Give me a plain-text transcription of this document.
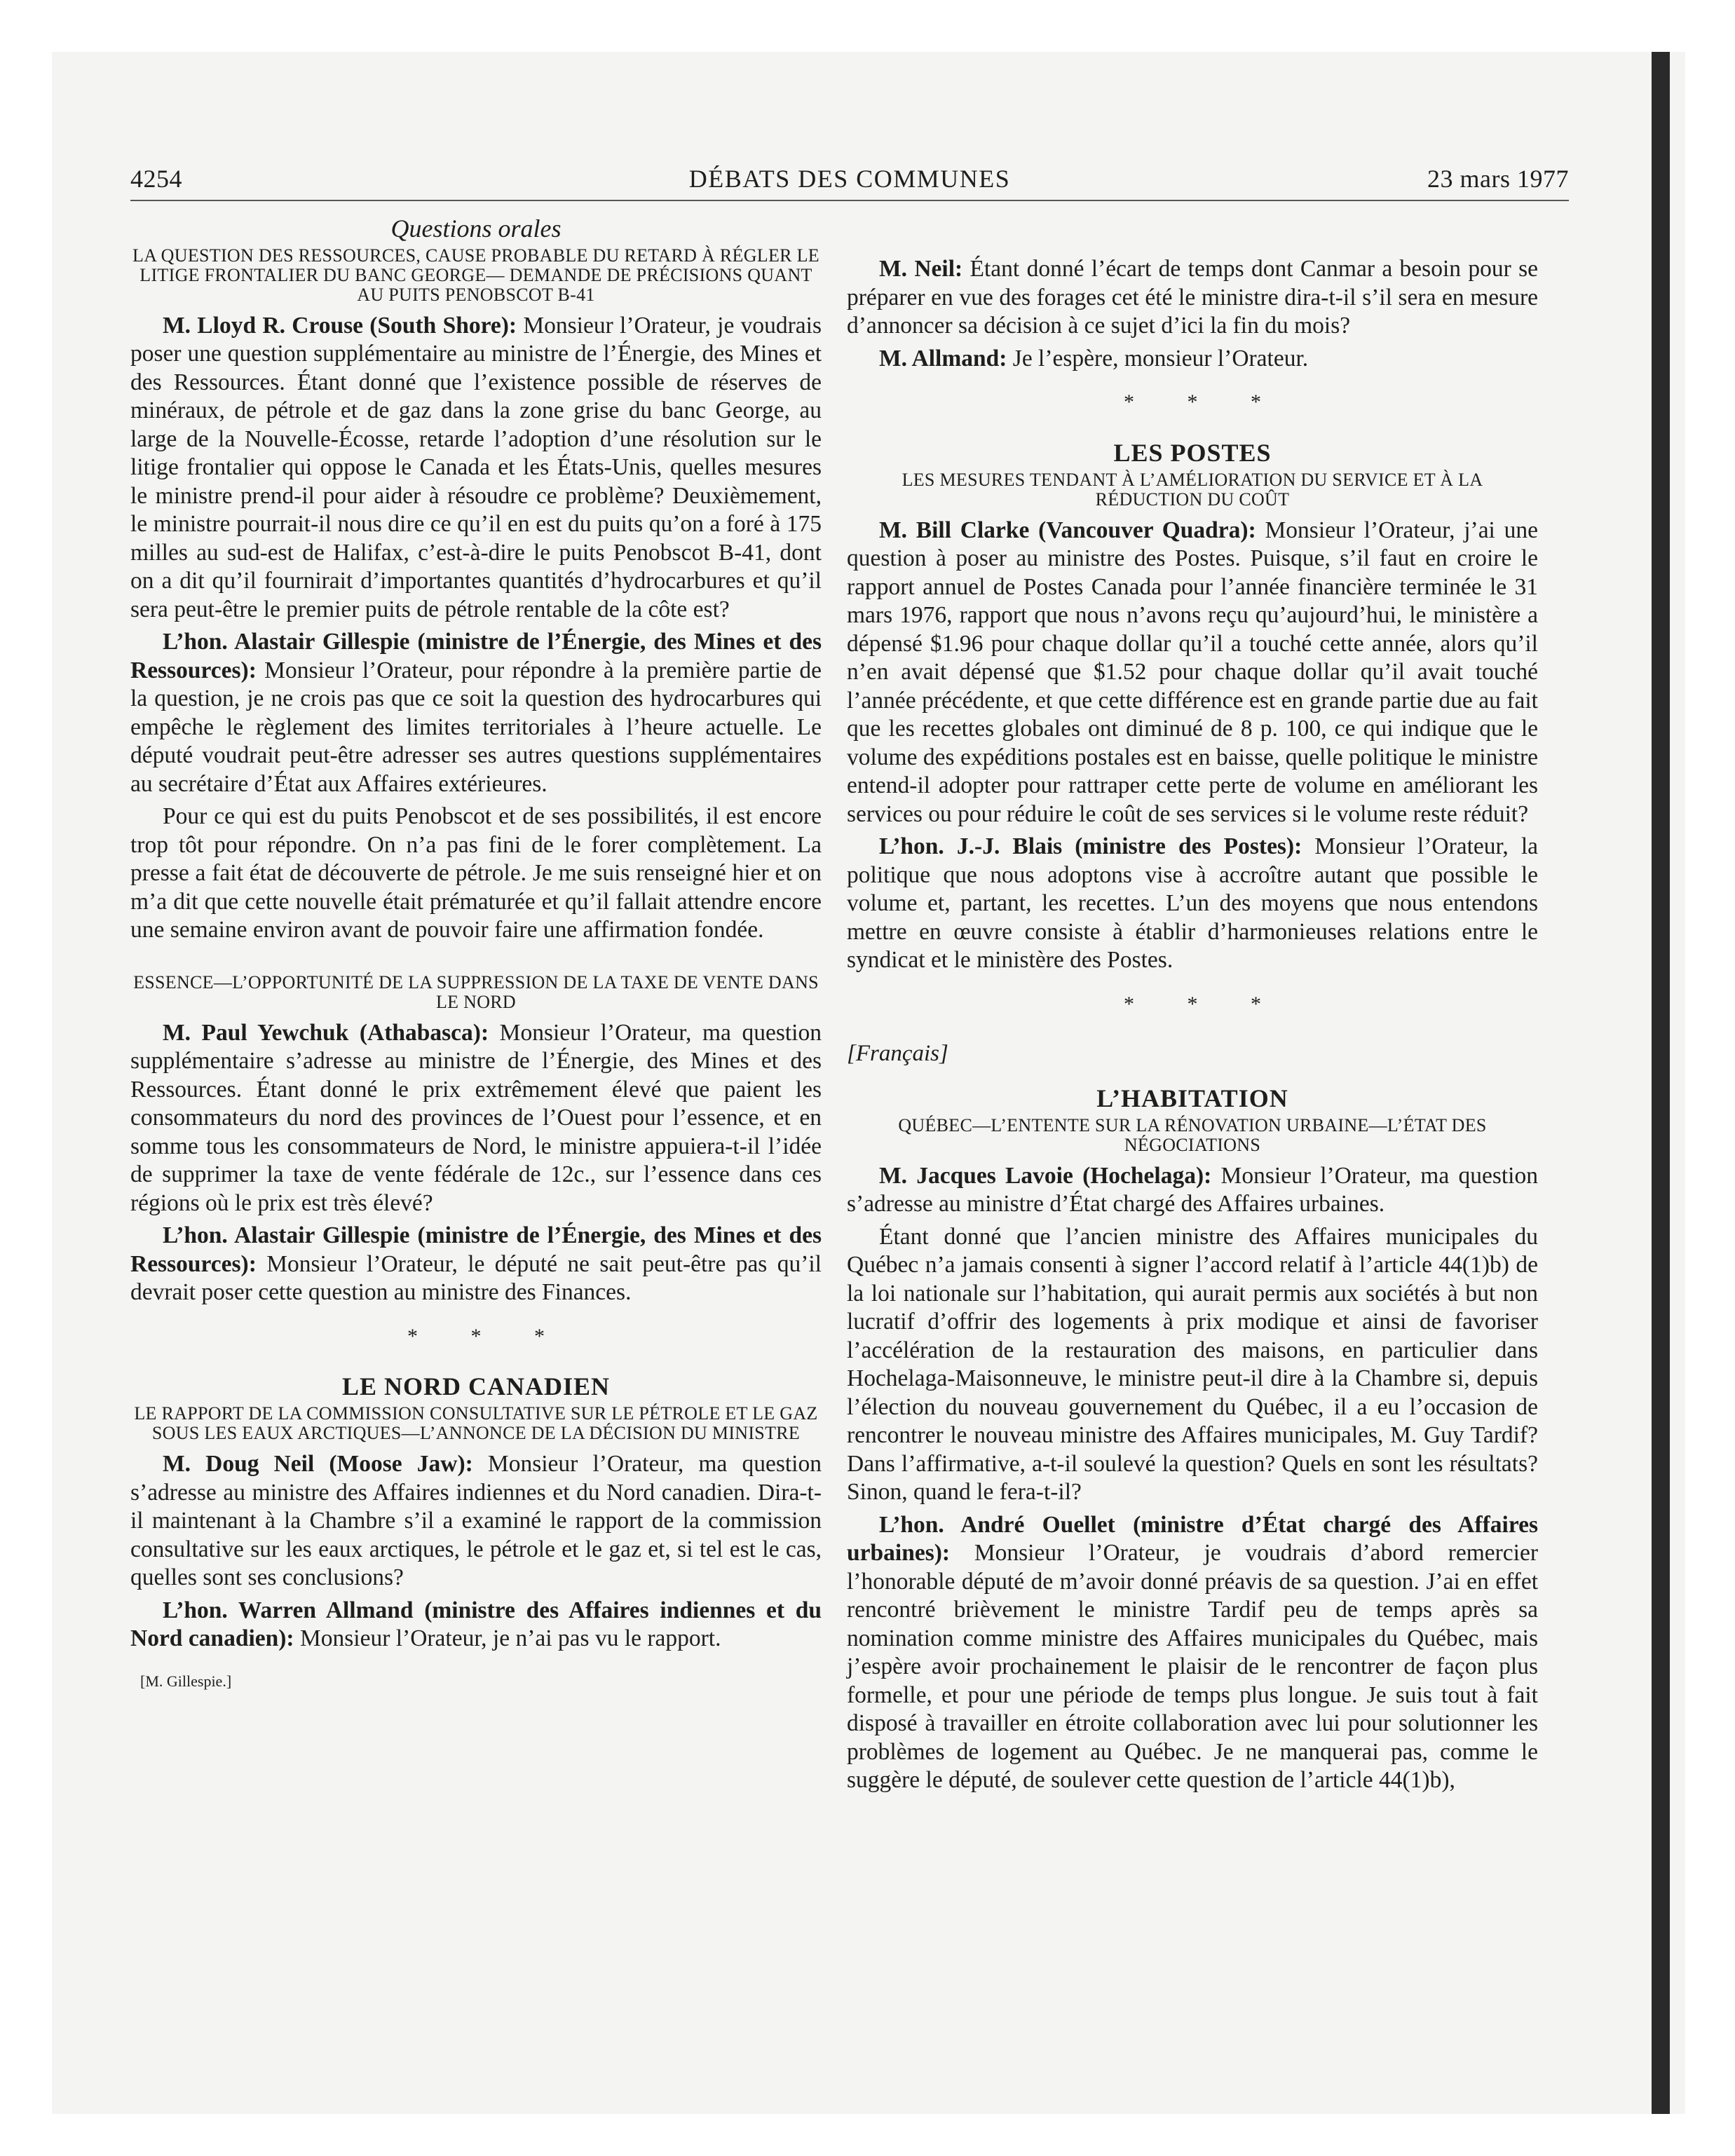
4254	DÉBATS DES COMMUNES	23 mars 1977

Questions orales

LA QUESTION DES RESSOURCES, CAUSE PROBABLE DU RETARD À RÉGLER LE LITIGE FRONTALIER DU BANC GEORGE— DEMANDE DE PRÉCISIONS QUANT AU PUITS PENOBSCOT B-41

M. Lloyd R. Crouse (South Shore): Monsieur l’Orateur, je voudrais poser une question supplémentaire au ministre de l’Énergie, des Mines et des Ressources. Étant donné que l’existence possible de réserves de minéraux, de pétrole et de gaz dans la zone grise du banc George, au large de la Nouvelle-Écosse, retarde l’adoption d’une résolution sur le litige frontalier qui oppose le Canada et les États-Unis, quelles mesures le ministre prend-il pour aider à résoudre ce problème? Deuxièmement, le ministre pourrait-il nous dire ce qu’il en est du puits qu’on a foré à 175 milles au sud-est de Halifax, c’est-à-dire le puits Penobscot B-41, dont on a dit qu’il fournirait d’importantes quantités d’hydrocarbures et qu’il sera peut-être le premier puits de pétrole rentable de la côte est?

L’hon. Alastair Gillespie (ministre de l’Énergie, des Mines et des Ressources): Monsieur l’Orateur, pour répondre à la première partie de la question, je ne crois pas que ce soit la question des hydrocarbures qui empêche le règlement des limites territoriales à l’heure actuelle. Le député voudrait peut-être adresser ses autres questions supplémentaires au secrétaire d’État aux Affaires extérieures.

Pour ce qui est du puits Penobscot et de ses possibilités, il est encore trop tôt pour répondre. On n’a pas fini de le forer complètement. La presse a fait état de découverte de pétrole. Je me suis renseigné hier et on m’a dit que cette nouvelle était prématurée et qu’il fallait attendre encore une semaine environ avant de pouvoir faire une affirmation fondée.

ESSENCE—L’OPPORTUNITÉ DE LA SUPPRESSION DE LA TAXE DE VENTE DANS LE NORD

M. Paul Yewchuk (Athabasca): Monsieur l’Orateur, ma question supplémentaire s’adresse au ministre de l’Énergie, des Mines et des Ressources. Étant donné le prix extrêmement élevé que paient les consommateurs du nord des provinces de l’Ouest pour l’essence, et en somme tous les consommateurs de Nord, le ministre appuiera-t-il l’idée de supprimer la taxe de vente fédérale de 12c., sur l’essence dans ces régions où le prix est très élevé?

L’hon. Alastair Gillespie (ministre de l’Énergie, des Mines et des Ressources): Monsieur l’Orateur, le député ne sait peut-être pas qu’il devrait poser cette question au ministre des Finances.

* * *

LE NORD CANADIEN

LE RAPPORT DE LA COMMISSION CONSULTATIVE SUR LE PÉTROLE ET LE GAZ SOUS LES EAUX ARCTIQUES—L’ANNONCE DE LA DÉCISION DU MINISTRE

M. Doug Neil (Moose Jaw): Monsieur l’Orateur, ma question s’adresse au ministre des Affaires indiennes et du Nord canadien. Dira-t-il maintenant à la Chambre s’il a examiné le rapport de la commission consultative sur les eaux arctiques, le pétrole et le gaz et, si tel est le cas, quelles sont ses conclusions?

L’hon. Warren Allmand (ministre des Affaires indiennes et du Nord canadien): Monsieur l’Orateur, je n’ai pas vu le rapport.

[M. Gillespie.]

M. Neil: Étant donné l’écart de temps dont Canmar a besoin pour se préparer en vue des forages cet été le ministre dira-t-il s’il sera en mesure d’annoncer sa décision à ce sujet d’ici la fin du mois?

M. Allmand: Je l’espère, monsieur l’Orateur.

* * *

LES POSTES

LES MESURES TENDANT À L’AMÉLIORATION DU SERVICE ET À LA RÉDUCTION DU COÛT

M. Bill Clarke (Vancouver Quadra): Monsieur l’Orateur, j’ai une question à poser au ministre des Postes. Puisque, s’il faut en croire le rapport annuel de Postes Canada pour l’année financière terminée le 31 mars 1976, rapport que nous n’avons reçu qu’aujourd’hui, le ministère a dépensé $1.96 pour chaque dollar qu’il a touché cette année, alors qu’il n’en avait dépensé que $1.52 pour chaque dollar qu’il avait touché l’année précédente, et que cette différence est en grande partie due au fait que les recettes globales ont diminué de 8 p. 100, ce qui indique que le volume des expéditions postales est en baisse, quelle politique le ministre entend-il adopter pour rattraper cette perte de volume en améliorant les services ou pour réduire le coût de ses services si le volume reste réduit?

L’hon. J.-J. Blais (ministre des Postes): Monsieur l’Orateur, la politique que nous adoptons vise à accroître autant que possible le volume et, partant, les recettes. L’un des moyens que nous entendons mettre en œuvre consiste à établir d’harmonieuses relations entre le syndicat et le ministère des Postes.

* * *

[Français]

L’HABITATION

QUÉBEC—L’ENTENTE SUR LA RÉNOVATION URBAINE—L’ÉTAT DES NÉGOCIATIONS

M. Jacques Lavoie (Hochelaga): Monsieur l’Orateur, ma question s’adresse au ministre d’État chargé des Affaires urbaines.

Étant donné que l’ancien ministre des Affaires municipales du Québec n’a jamais consenti à signer l’accord relatif à l’article 44(1)b) de la loi nationale sur l’habitation, qui aurait permis aux sociétés à but non lucratif d’offrir des logements à prix modique et ainsi de favoriser l’accélération de la restauration des maisons, en particulier dans Hochelaga-Maisonneuve, le ministre peut-il dire à la Chambre si, depuis l’élection du nouveau gouvernement du Québec, il a eu l’occasion de rencontrer le nouveau ministre des Affaires municipales, M. Guy Tardif? Dans l’affirmative, a-t-il soulevé la question? Quels en sont les résultats? Sinon, quand le fera-t-il?

L’hon. André Ouellet (ministre d’État chargé des Affaires urbaines): Monsieur l’Orateur, je voudrais d’abord remercier l’honorable député de m’avoir donné préavis de sa question. J’ai en effet rencontré brièvement le ministre Tardif peu de temps après sa nomination comme ministre des Affaires municipales du Québec, mais j’espère avoir prochainement le plaisir de le rencontrer de façon plus formelle, et pour une période de temps plus longue. Je suis tout à fait disposé à travailler en étroite collaboration avec lui pour solutionner les problèmes de logement au Québec. Je ne manquerai pas, comme le suggère le député, de soulever cette question de l’article 44(1)b),
